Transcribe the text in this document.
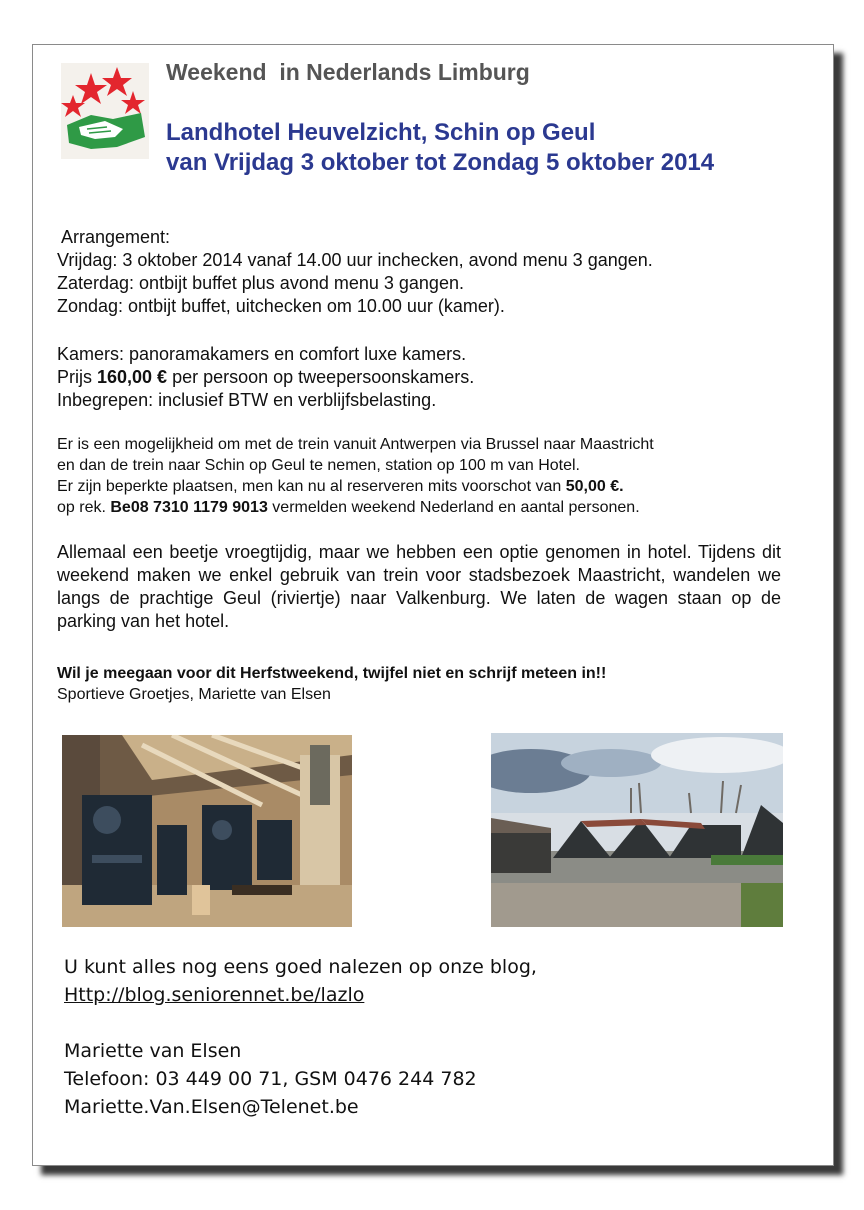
Weekend  in Nederlands Limburg
Landhotel Heuvelzicht, Schin op Geul
van Vrijdag 3 oktober tot Zondag 5 oktober 2014
Arrangement:
Vrijdag: 3 oktober 2014 vanaf 14.00 uur inchecken, avond menu 3 gangen.
Zaterdag: ontbijt buffet plus avond menu 3 gangen.
Zondag: ontbijt buffet, uitchecken om 10.00 uur (kamer).
Kamers: panoramakamers en comfort luxe kamers.
Prijs 160,00 € per persoon op tweepersoonskamers.
Inbegrepen: inclusief BTW en verblijfsbelasting.
Er is een mogelijkheid om met de trein vanuit Antwerpen via Brussel naar Maastricht
en dan de trein naar Schin op Geul te nemen, station op 100 m van Hotel.
Er zijn beperkte plaatsen, men kan nu al reserveren mits voorschot van 50,00 €.
op rek. Be08 7310 1179 9013 vermelden weekend Nederland en aantal personen.
Allemaal een beetje vroegtijdig, maar we hebben een optie genomen in hotel. Tijdens dit weekend maken we enkel gebruik van trein voor stadsbezoek Maastricht, wandelen we langs de prachtige Geul (riviertje) naar Valkenburg. We laten de wagen staan op de parking van het hotel.
Wil je meegaan voor dit Herfstweekend, twijfel niet en schrijf meteen in!!
Sportieve Groetjes, Mariette van Elsen
U kunt alles nog eens goed nalezen op onze blog,
Http://blog.seniorennet.be/lazlo
Mariette van Elsen
Telefoon: 03 449 00 71, GSM 0476 244 782
Mariette.Van.Elsen@Telenet.be
